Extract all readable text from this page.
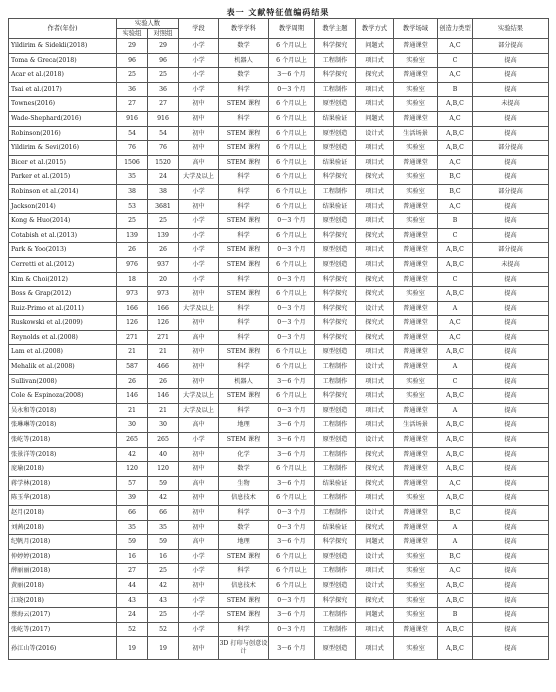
表一 文献特征值编码结果
作者(年份)	实验人数		学段	教学学科	教学周期	教学主题	教学方式	教学场域	创造力类型	实验结果
	实验组	对照组								
Yildirim & Sidekli(2018)	29	29	小学	数学	6 个月以上	科学探究	问题式	普通课堂	A,C	部分提高
Toma & Greca(2018)	96	96	小学	机器人	6 个月以上	工程制作	项目式	实验室	C	提高
Acar et al.(2018)	25	25	小学	数学	3～6 个月	科学探究	探究式	普通课堂	A,C	提高
Tsai et al.(2017)	36	36	小学	科学	0～3 个月	工程制作	项目式	实验室	B	提高
Townes(2016)	27	27	初中	STEM 课程	6 个月以上	原型创造	项目式	实验室	A,B,C	未提高
Wade-Shephard(2016)	916	916	初中	科学	6 个月以上	结果验证	问题式	普通课堂	A,C	提高
Robinson(2016)	54	54	初中	STEM 课程	6 个月以上	原型创造	设计式	生活场景	A,B,C	提高
Yildirim & Sevi(2016)	76	76	初中	STEM 课程	6 个月以上	原型创造	项目式	实验室	A,B,C	部分提高
Bicer et al.(2015)	1506	1520	高中	STEM 课程	6 个月以上	结果验证	项目式	普通课堂	A,C	提高
Parker et al.(2015)	35	24	大学及以上	科学	6 个月以上	科学探究	探究式	实验室	B,C	提高
Robinson et al.(2014)	38	38	小学	科学	6 个月以上	工程制作	项目式	实验室	B,C	部分提高
Jackson(2014)	53	3681	初中	科学	6 个月以上	结果验证	项目式	普通课堂	A,C	提高
Kong & Huo(2014)	25	25	小学	STEM 课程	0～3 个月	原型创造	项目式	实验室	B	提高
Cotabish et al.(2013)	139	139	小学	科学	6 个月以上	科学探究	探究式	普通课堂	C	提高
Park & Yoo(2013)	26	26	小学	STEM 课程	0～3 个月	原型创造	项目式	普通课堂	A,B,C	部分提高
Cerretti et al.(2012)	976	937	小学	STEM 课程	6 个月以上	原型创造	项目式	普通课堂	A,B,C	未提高
Kim & Choi(2012)	18	20	小学	科学	0～3 个月	科学探究	探究式	普通课堂	C	提高
Boss & Grap(2012)	973	973	初中	STEM 课程	6 个月以上	科学探究	探究式	实验室	A,B,C	提高
Ruiz-Primo et al.(2011)	166	166	大学及以上	科学	0～3 个月	科学探究	设计式	普通课堂	A	提高
Ruskowski et al.(2009)	126	126	初中	科学	0～3 个月	科学探究	探究式	普通课堂	A,C	提高
Reynolds et al.(2008)	271	271	高中	科学	0～3 个月	科学探究	探究式	普通课堂	A,C	提高
Lam et al.(2008)	21	21	初中	STEM 课程	6 个月以上	原型创造	项目式	普通课堂	A,B,C	提高
Mehalik et al.(2008)	587	466	初中	科学	6 个月以上	工程制作	设计式	普通课堂	A	提高
Sullivan(2008)	26	26	初中	机器人	3～6 个月	工程制作	项目式	实验室	C	提高
Cole & Espinoza(2008)	146	146	大学及以上	STEM 课程	6 个月以上	科学探究	项目式	实验室	A,B,C	提高
吴永和等(2018)	21	21	大学及以上	科学	0～3 个月	原型创造	项目式	普通课堂	A	提高
张琳琳等(2018)	30	30	高中	地理	3～6 个月	工程制作	项目式	生活场景	A,B,C	提高
张屹等(2018)	265	265	小学	STEM 课程	3～6 个月	原型创造	设计式	普通课堂	A,B,C	提高
张景洋等(2018)	42	40	初中	化学	3～6 个月	工程制作	探究式	普通课堂	A,B,C	提高
庞瑜(2018)	120	120	初中	数学	6 个月以上	工程制作	探究式	普通课堂	A,B,C	提高
蒋学林(2018)	57	59	高中	生物	3～6 个月	结果验证	探究式	普通课堂	A,C	提高
陈玉华(2018)	39	42	初中	信息技术	6 个月以上	工程制作	项目式	实验室	A,B,C	提高
赵月(2018)	66	66	初中	科学	0～3 个月	工程制作	设计式	普通课堂	B,C	提高
刘茜(2018)	35	35	初中	数学	0～3 个月	结果验证	探究式	普通课堂	A	提高
纪帆月(2018)	59	59	高中	地理	3～6 个月	科学探究	问题式	普通课堂	A	提高
仲婷婷(2018)	16	16	小学	STEM 课程	6 个月以上	原型创造	设计式	实验室	B,C	提高
薛丽丽(2018)	27	25	小学	科学	6 个月以上	工程制作	项目式	实验室	A,C	提高
黄丽(2018)	44	42	初中	信息技术	6 个月以上	原型创造	设计式	实验室	A,B,C	提高
江晓(2018)	43	43	小学	STEM 课程	0～3 个月	科学探究	探究式	实验室	A,B,C	提高
蔡海云(2017)	24	25	小学	STEM 课程	3～6 个月	工程制作	问题式	实验室	B	提高
张屹等(2017)	52	52	小学	科学	0～3 个月	工程制作	项目式	普通课堂	A,B,C	提高
孙江山等(2016)	19	19	初中	3D 打印与创意设计	3～6 个月	原型创造	项目式	实验室	A,B,C	提高
